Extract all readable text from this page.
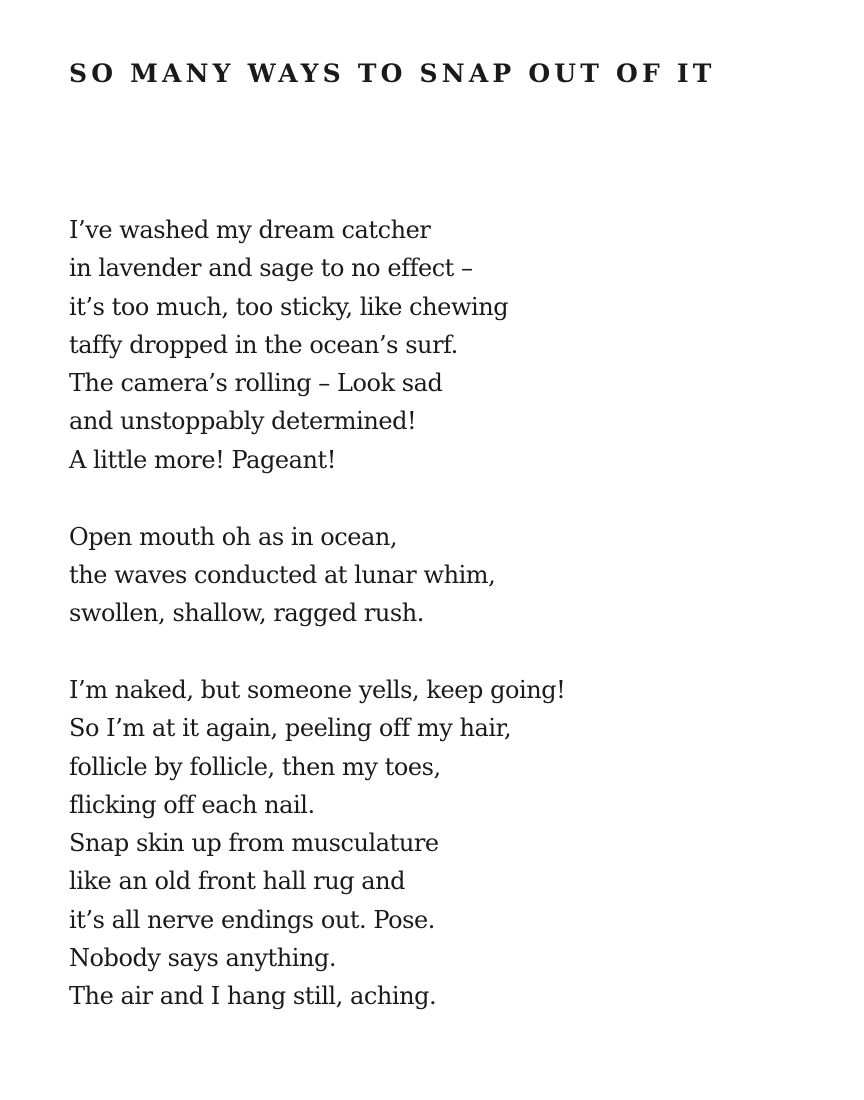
SO MANY WAYS TO SNAP OUT OF IT
I’ve washed my dream catcher
in lavender and sage to no effect –
it’s too much, too sticky, like chewing
taffy dropped in the ocean’s surf.
The camera’s rolling – Look sad
and unstoppably determined!
A little more! Pageant!
Open mouth oh as in ocean,
the waves conducted at lunar whim,
swollen, shallow, ragged rush.
I’m naked, but someone yells, keep going!
So I’m at it again, peeling off my hair,
follicle by follicle, then my toes,
flicking off each nail.
Snap skin up from musculature
like an old front hall rug and
it’s all nerve endings out. Pose.
Nobody says anything.
The air and I hang still, aching.
